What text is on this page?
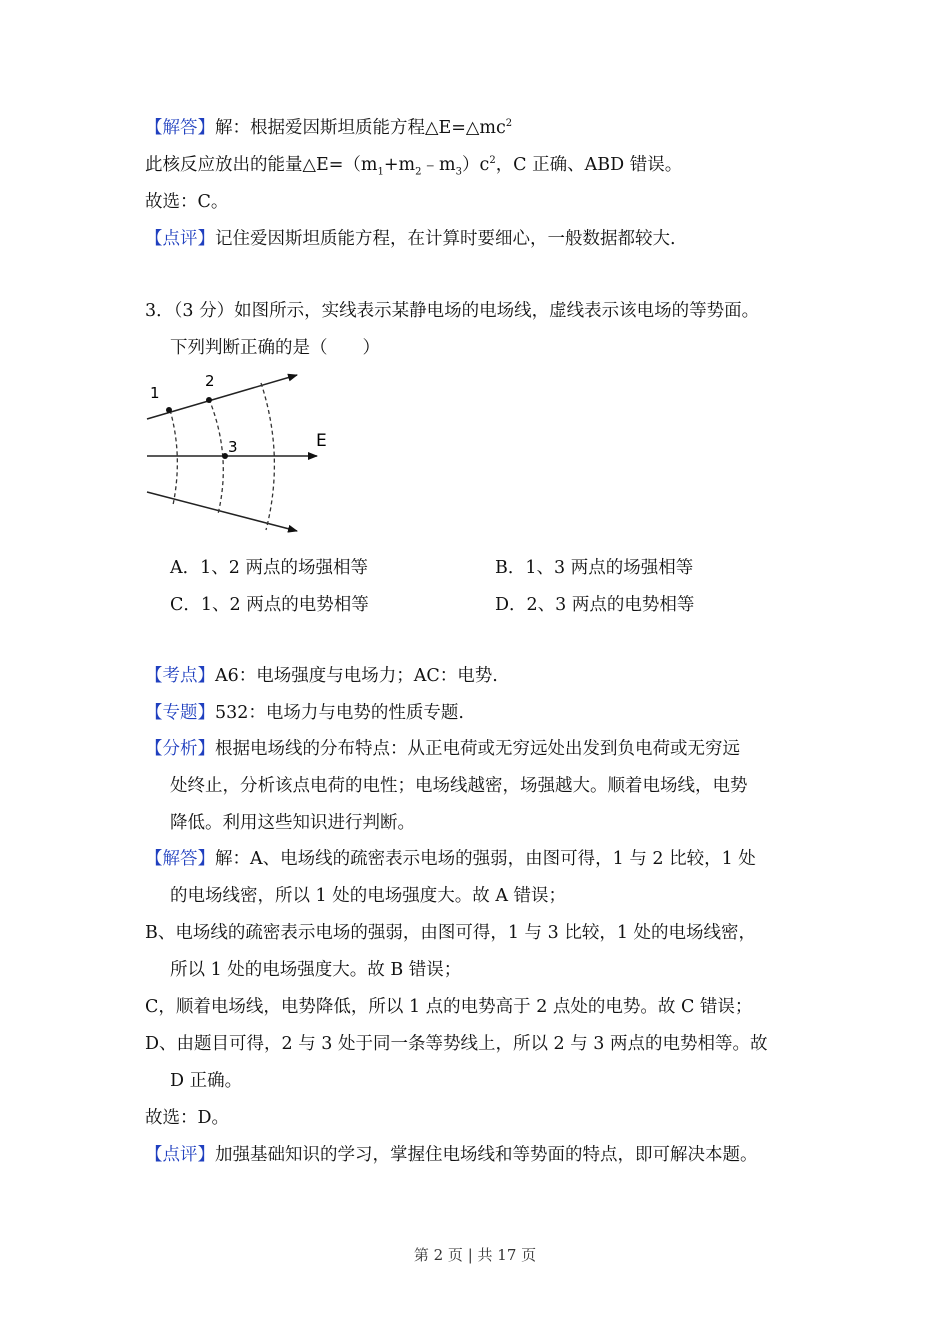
【解答】解：根据爱因斯坦质能方程$\triangle E=\triangle mc^2$
此核反应放出的能量$\triangle E=(m_1+m_2﹣m_3)c^2$，C 正确、ABD 错误。
故选：C。
【点评】记住爱因斯坦质能方程，在计算时要细心，一般数据都较大.
3．（3 分）如图所示，实线表示某静电场的电场线，虚线表示该电场的等势面。
下列判断正确的是（　　）
1
2
3	E
A．1、2 两点的场强相等	B．1、3 两点的场强相等
C．1、2 两点的电势相等	D．2、3 两点的电势相等
【考点】A6：电场强度与电场力；AC：电势.
【专题】532：电场力与电势的性质专题.
【分析】根据电场线的分布特点：从正电荷或无穷远处出发到负电荷或无穷远
处终止，分析该点电荷的电性；电场线越密，场强越大。顺着电场线，电势
降低。利用这些知识进行判断。
【解答】解：A、电场线的疏密表示电场的强弱，由图可得，1 与 2 比较，1 处
的电场线密，所以 1 处的电场强度大。故 A 错误；
B、电场线的疏密表示电场的强弱，由图可得，1 与 3 比较，1 处的电场线密，
所以 1 处的电场强度大。故 B 错误；
C，顺着电场线，电势降低，所以 1 点的电势高于 2 点处的电势。故 C 错误；
D、由题目可得，2 与 3 处于同一条等势线上，所以 2 与 3 两点的电势相等。故
D 正确。
故选：D。
【点评】加强基础知识的学习，掌握住电场线和等势面的特点，即可解决本题。
第 2 页 | 共 17 页
